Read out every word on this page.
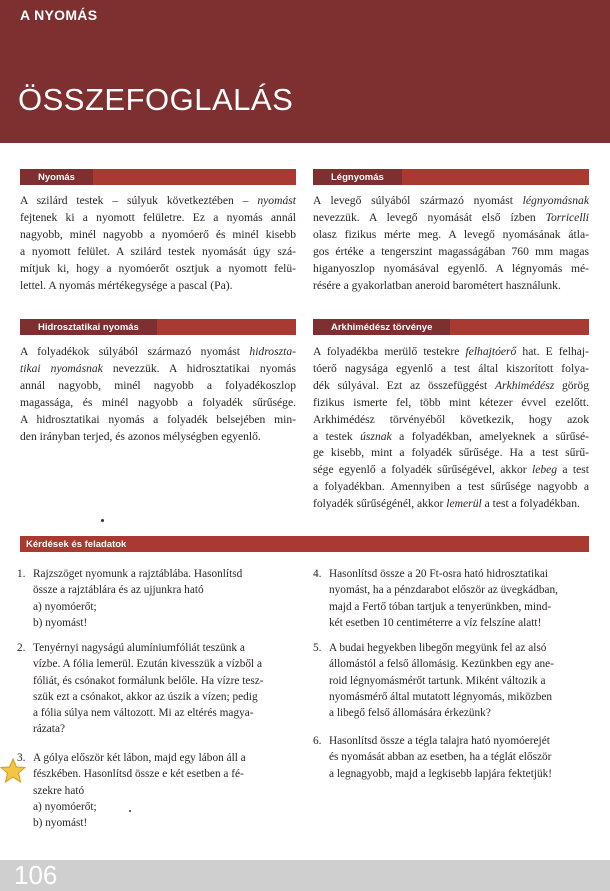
A NYOMÁS
ÖSSZEFOGLALÁS
Nyomás	Légnyomás
Hidrosztatikai nyomás	Arkhimédész törvénye

A szilárd testek – súlyuk következtében – nyomást

fejtenek ki a nyomott felületre. Ez a nyomás annál

nagyobb, minél nagyobb a nyomóerő és minél kisebb

a nyomott felület. A szilárd testek nyomását úgy szá-

mítjuk ki, hogy a nyomóerőt osztjuk a nyomott felü-

lettel. A nyomás mértékegysége a pascal (Pa).

A levegő súlyából származó nyomást légnyomásnak

nevezzük. A levegő nyomását első ízben Torricelli

olasz fizikus mérte meg. A levegő nyomásának átla-

gos értéke a tengerszint magasságában 760 mm magas

higanyoszlop nyomásával egyenlő. A légnyomás mé-

résére a gyakorlatban aneroid barométert használunk.

A folyadékok súlyából származó nyomást hidroszta-

tikai nyomásnak nevezzük. A hidrosztatikai nyomás

annál nagyobb, minél nagyobb a folyadékoszlop

magassága, és minél nagyobb a folyadék sűrűsége.

A hidrosztatikai nyomás a folyadék belsejében min-

den irányban terjed, és azonos mélységben egyenlő.

A folyadékba merülő testekre felhajtóerő hat. E felhaj-

tóerő nagysága egyenlő a test által kiszorított folya-

dék súlyával. Ezt az összefüggést Arkhimédész görög

fizikus ismerte fel, több mint kétezer évvel ezelőtt.

Arkhimédész törvényéből következik, hogy azok

a testek úsznak a folyadékban, amelyeknek a sűrűsé-

ge kisebb, mint a folyadék sűrűsége. Ha a test sűrű-

sége egyenlő a folyadék sűrűségével, akkor lebeg a test

a folyadékban. Amennyiben a test sűrűsége nagyobb a

folyadék sűrűségénél, akkor lemerül a test a folyadékban.

Kérdések és feladatok
1. Rajzszöget nyomunk a rajztáblába. Hasonlítsd

össze a rajztáblára és az ujjunkra ható

a) nyomóerőt;

b) nyomást!

2. Tenyérnyi nagyságú alumíniumfóliát teszünk a

vízbe. A fólia lemerül. Ezután kivesszük a vízből a

fóliát, és csónakot formálunk belőle. Ha vízre tesz-

szük ezt a csónakot, akkor az úszik a vízen; pedig

a fólia súlya nem változott. Mi az eltérés magya-

rázata?

3. A gólya először két lábon, majd egy lábon áll a

fészkében. Hasonlítsd össze e két esetben a fé-

szekre ható

a) nyomóerőt;

b) nyomást!

4. Hasonlítsd össze a 20 Ft-osra ható hidrosztatikai

nyomást, ha a pénzdarabot először az üvegkádban,

majd a Fertő tóban tartjuk a tenyerünkben, mind-

két esetben 10 centiméterre a víz felszíne alatt!

5. A budai hegyekben libegőn megyünk fel az alsó

állomástól a felső állomásig. Kezünkben egy ane-

roid légnyomásmérőt tartunk. Miként változik a

nyomásmérő által mutatott légnyomás, miközben

a libegő felső állomására érkezünk?

6. Hasonlítsd össze a tégla talajra ható nyomóerejét

és nyomását abban az esetben, ha a téglát először

a legnagyobb, majd a legkisebb lapjára fektetjük!

106
